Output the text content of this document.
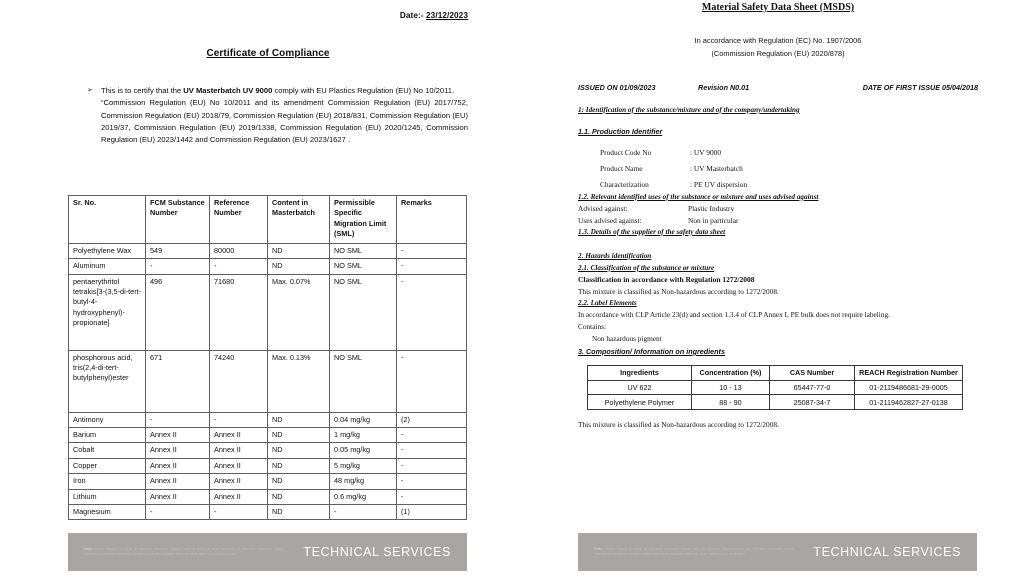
Date:- 23/12/2023
Certificate of Compliance
➢ This is to certify that the UV Masterbatch UV 9000 comply with EU Plastics Regulation (EU) No 10/2011.
“Commission Regulation (EU) No 10/2011 and its amendment Commission Regulation (EU) 2017/752, Commission Regulation (EU) 2018/79, Commission Regulation (EU) 2018/831, Commission Regulation (EU) 2019/37, Commission Regulation (EU) 2019/1338, Commission Regulation (EU) 2020/1245, Commission Regulation (EU) 2023/1442 and Commission Regulation (EU) 2023/1627 .
Sr. No.	FCM Substance Number	Reference Number	Content in Masterbatch	Permissible Specific Migration Limit (SML)	Remarks
Polyethylene Wax	549	80000	ND	NO SML	-
Aluminum	-	-	ND	NO SML	-
pentaerythritol tetrakis[3-(3,5-di-tert-butyl-4-hydroxyphenyl)-propionate]	496	71680	Max. 0.07%	NO SML	-
phosphorous acid, tris(2,4-di-tert-butylphenyl)ester	671	74240	Max. 0.13%	NO SML	-
Antimony	-	-	ND	0.04 mg/kg	(2)
Barium	Annex II	Annex II	ND	1 mg/kg	-
Cobalt	Annex II	Annex II	ND	0.05 mg/kg	-
Copper	Annex II	Annex II	ND	5 mg/kg	-
Iron	Annex II	Annex II	ND	48 mg/kg	-
Lithium	Annex II	Annex II	ND	0.6 mg/kg	-
Magnesium	-	-	ND	-	(1)
Note: Above Report is made at identical condition. Values may be different when process on different machines and/or different processing condition, hence cannot be compare with any other same colour or product.	TECHNICAL SERVICES
Material Safety Data Sheet (MSDS)
In accordance with Regulation (EC) No. 1907/2006
(Commission Regulation (EU) 2020/878)
ISSUED ON 01/09/2023	Revision N0.01	DATE OF FIRST ISSUE 05/04/2018
1: Identification of the substance/mixture and of the company/undertaking
1.1. Production Identifier
Product Code No	: UV 9000
Product Name	: UV Masterbatch
Characterization	: PE UV dispersion
1.2. Relevant identified uses of the substance or mixture and uses advised against
Advised against:	Plastic Industry
Uses advised against:	Non in particular
1.3. Details of the supplier of the safety data sheet
2. Hazards identification
2.1. Classification of the substance or mixture
Classification in accordance with Regulation 1272/2008
This mixture is classified as Non-hazardous according to 1272/2008.
2.2. Label Elements
In accordance with CLP Article 23(d) and section 1.3.4 of CLP Annex I, PE bulk does not require labeling.
Contains:
Non hazardous pigment
3. Composition/ Information on ingredients
Ingredients	Concentration (%)	CAS Number	REACH Registration Number
UV 622	10 - 13	65447-77-0	01-2119486681-29-0005
Polyethylene Polymer	88 - 90	25087-34-7	01-2119462827-27-0138
This mixture is classified as Non-hazardous according to 1272/2008.
Note: Above Report is made at identical condition. Values may be different when process on different machines and/or different processing condition, hence cannot be compare with any other same colour or product.	TECHNICAL SERVICES
